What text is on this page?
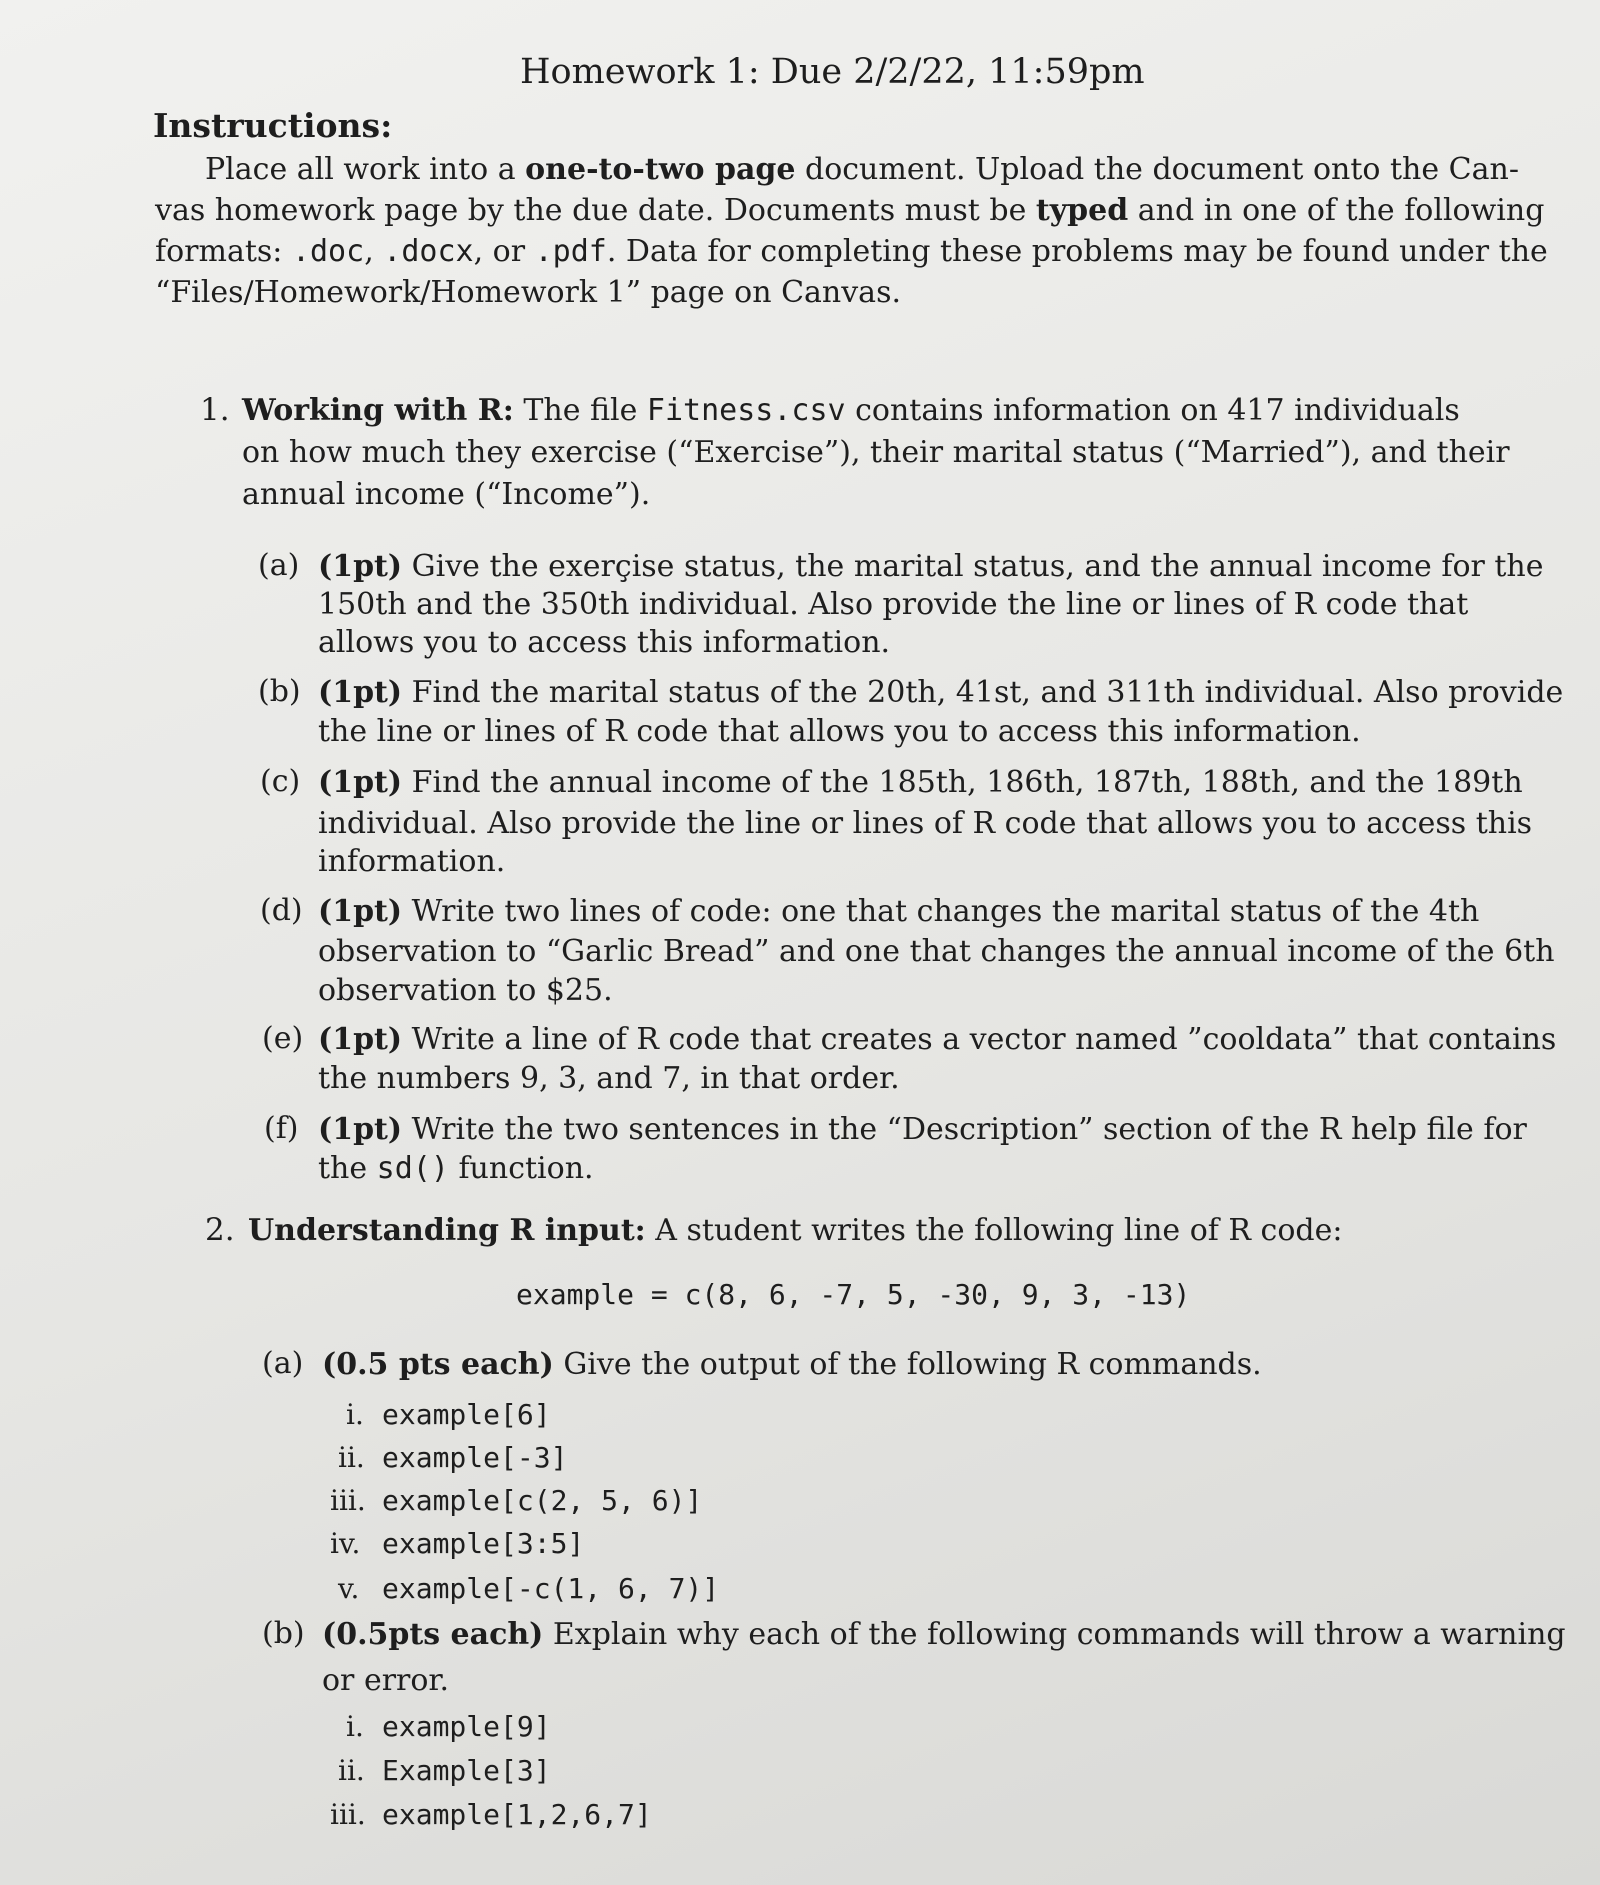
Homework 1: Due 2/2/22, 11:59pm
Instructions:
Place all work into a one-to-two page document. Upload the document onto the Can-
vas homework page by the due date. Documents must be typed and in one of the following
formats: .doc, .docx, or .pdf. Data for completing these problems may be found under the
“Files/Homework/Homework 1” page on Canvas.
1. Working with R: The file Fitness.csv contains information on 417 individuals
on how much they exercise (“Exercise”), their marital status (“Married”), and their
annual income (“Income”).
(a) (1pt) Give the exerçise status, the marital status, and the annual income for the
150th and the 350th individual. Also provide the line or lines of R code that
allows you to access this information.
(b) (1pt) Find the marital status of the 20th, 41st, and 311th individual. Also provide
the line or lines of R code that allows you to access this information.
(c) (1pt) Find the annual income of the 185th, 186th, 187th, 188th, and the 189th
individual. Also provide the line or lines of R code that allows you to access this
information.
(d) (1pt) Write two lines of code: one that changes the marital status of the 4th
observation to “Garlic Bread” and one that changes the annual income of the 6th
observation to $25.
(e) (1pt) Write a line of R code that creates a vector named ”cooldata” that contains
the numbers 9, 3, and 7, in that order.
(f) (1pt) Write the two sentences in the “Description” section of the R help file for
the sd() function.
2. Understanding R input: A student writes the following line of R code:
example = c(8, 6, -7, 5, -30, 9, 3, -13)
(a) (0.5 pts each) Give the output of the following R commands.
i. example[6]
ii. example[-3]
iii. example[c(2, 5, 6)]
iv. example[3:5]
v. example[-c(1, 6, 7)]
(b) (0.5pts each) Explain why each of the following commands will throw a warning
or error.
i. example[9]
ii. Example[3]
iii. example[1,2,6,7]
